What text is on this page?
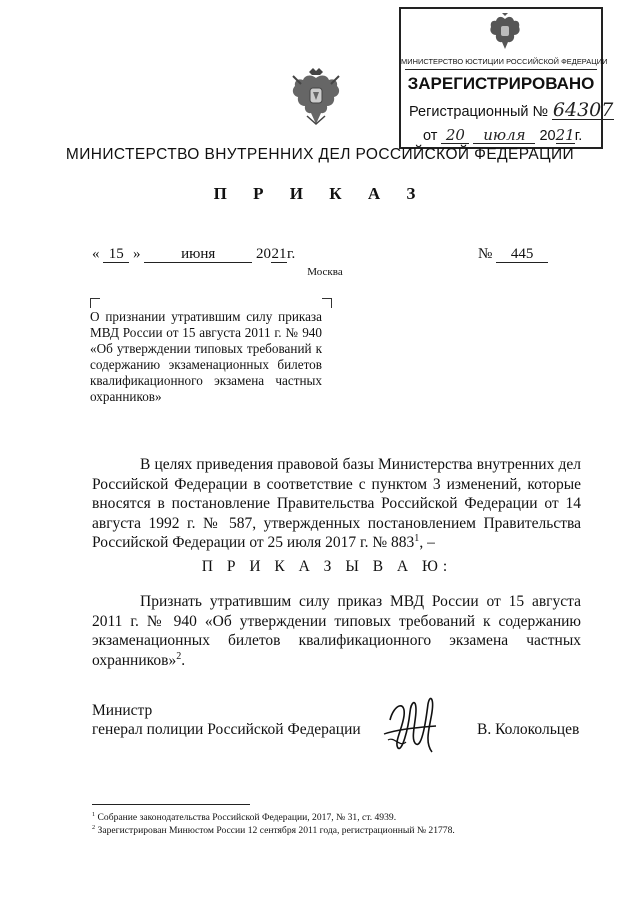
МИНИСТЕРСТВО ЮСТИЦИИ РОССИЙСКОЙ ФЕДЕРАЦИИ
ЗАРЕГИСТРИРОВАНО
Регистрационный № 64307
от 20 июля 2021г.
МИНИСТЕРСТВО ВНУТРЕННИХ ДЕЛ РОССИЙСКОЙ ФЕДЕРАЦИИ
П Р И К А З
« 15 »	июня	2021г.	№ 445
Москва

О признании утратившим силу приказа МВД России от 15 августа 2011 г. № 940 «Об утверждении типовых требований к содержанию экзаменационных билетов квалификационного экзамена частных охранников»

В целях приведения правовой базы Министерства внутренних дел Российской Федерации в соответствие с пунктом 3 изменений, которые вносятся в постановление Правительства Российской Федерации от 14 августа 1992 г. № 587, утвержденных постановлением Правительства Российской Федерации от 25 июля 2017 г. № $883^1$, –

П Р И К А З Ы В А Ю:

Признать утратившим силу приказ МВД России от 15 августа 2011 г. № 940 «Об утверждении типовых требований к содержанию экзаменационных билетов квалификационного экзамена частных охранников»$^2$.

Министр
генерал полиции Российской Федерации	В. Колокольцев
$^1$ Собрание законодательства Российской Федерации, 2017, № 31, ст. 4939.
$^2$ Зарегистрирован Минюстом России 12 сентября 2011 года, регистрационный № 21778.
